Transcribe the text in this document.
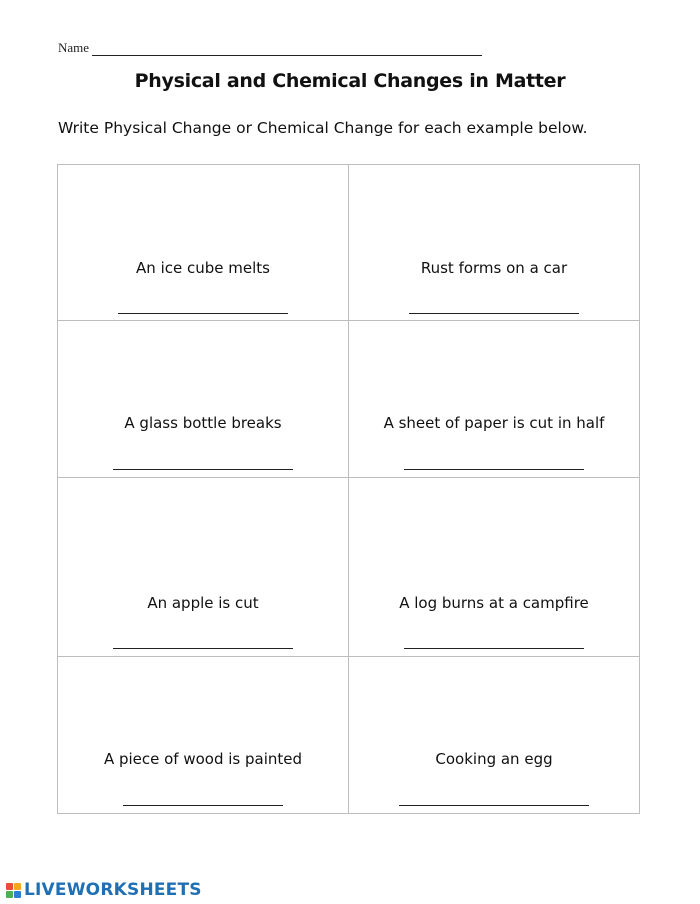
Name
Physical and Chemical Changes in Matter
Write Physical Change or Chemical Change for each example below.
An ice cube melts	Rust forms on a car
A glass bottle breaks	A sheet of paper is cut in half
An apple is cut	A log burns at a campfire
A piece of wood is painted	Cooking an egg
LIVEWORKSHEETS
